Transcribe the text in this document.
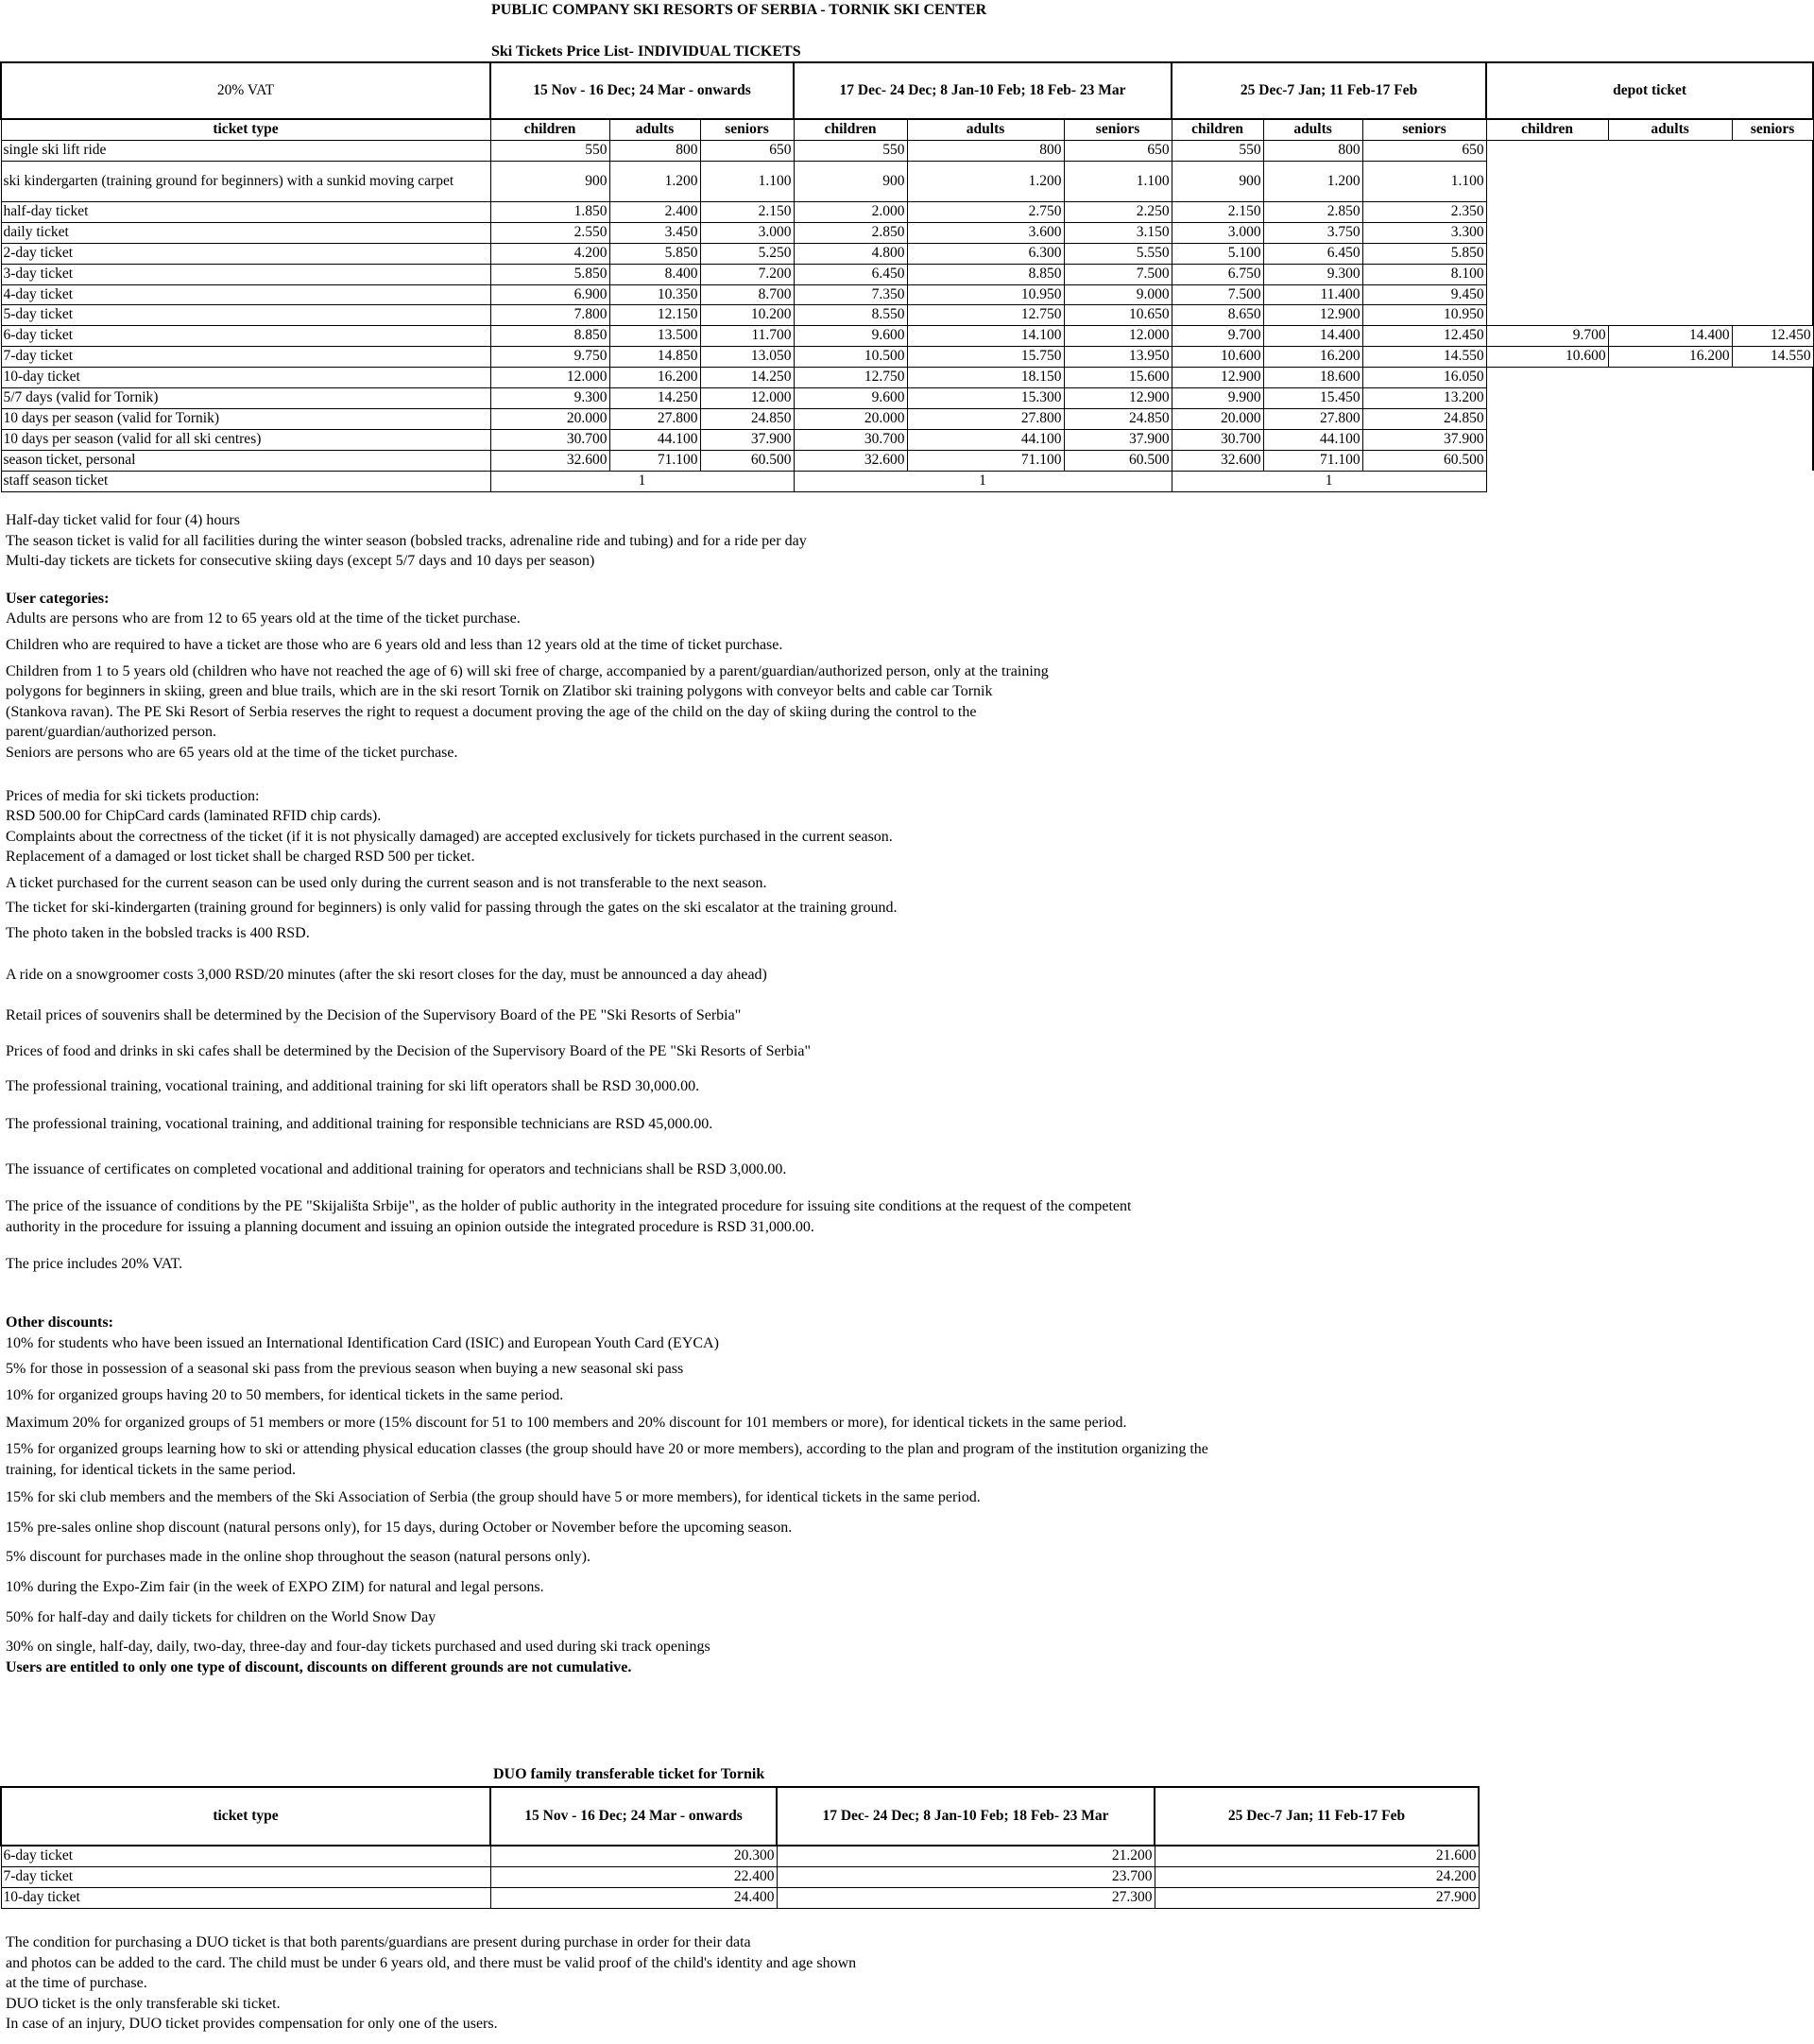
PUBLIC COMPANY SKI RESORTS OF SERBIA - TORNIK SKI CENTER
Ski Tickets Price List- INDIVIDUAL TICKETS
20% VAT	15 Nov - 16 Dec; 24 Mar - onwards			17 Dec- 24 Dec; 8 Jan-10 Feb; 18 Feb- 23 Mar			25 Dec-7 Jan; 11 Feb-17 Feb			depot ticket		
ticket type	children	adults	seniors	children	adults	seniors	children	adults	seniors	children	adults	seniors
single ski lift ride	550	800	650	550	800	650	550	800	650			
ski kindergarten (training ground for beginners) with a sunkid moving carpet	900	1.200	1.100	900	1.200	1.100	900	1.200	1.100			
half-day ticket	1.850	2.400	2.150	2.000	2.750	2.250	2.150	2.850	2.350			
daily ticket	2.550	3.450	3.000	2.850	3.600	3.150	3.000	3.750	3.300			
2-day ticket	4.200	5.850	5.250	4.800	6.300	5.550	5.100	6.450	5.850			
3-day ticket	5.850	8.400	7.200	6.450	8.850	7.500	6.750	9.300	8.100			
4-day ticket	6.900	10.350	8.700	7.350	10.950	9.000	7.500	11.400	9.450			
5-day ticket	7.800	12.150	10.200	8.550	12.750	10.650	8.650	12.900	10.950			
6-day ticket	8.850	13.500	11.700	9.600	14.100	12.000	9.700	14.400	12.450	9.700	14.400	12.450
7-day ticket	9.750	14.850	13.050	10.500	15.750	13.950	10.600	16.200	14.550	10.600	16.200	14.550
10-day ticket	12.000	16.200	14.250	12.750	18.150	15.600	12.900	18.600	16.050			
5/7 days (valid for Tornik)	9.300	14.250	12.000	9.600	15.300	12.900	9.900	15.450	13.200			
10 days per season (valid for Tornik)	20.000	27.800	24.850	20.000	27.800	24.850	20.000	27.800	24.850			
10 days per season (valid for all ski centres)	30.700	44.100	37.900	30.700	44.100	37.900	30.700	44.100	37.900			
season ticket, personal	32.600	71.100	60.500	32.600	71.100	60.500	32.600	71.100	60.500			
staff season ticket	1			1			1					

Half-day ticket valid for four (4) hours

The season ticket is valid for all facilities during the winter season (bobsled tracks, adrenaline ride and tubing) and for a ride per day

Multi-day tickets are tickets for consecutive skiing days (except 5/7 days and 10 days per season)

User categories:

Adults are persons who are from 12 to 65 years old at the time of the ticket purchase.

Children who are required to have a ticket are those who are 6 years old and less than 12 years old at the time of ticket purchase.

Children from 1 to 5 years old (children who have not reached the age of 6) will ski free of charge, accompanied by a parent/guardian/authorized person, only at the training

polygons for beginners in skiing, green and blue trails, which are in the ski resort Tornik on Zlatibor ski training polygons with conveyor belts and cable car Tornik

(Stankova ravan). The PE Ski Resort of Serbia reserves the right to request a document proving the age of the child on the day of skiing during the control to the

parent/guardian/authorized person.

Seniors are persons who are 65 years old at the time of the ticket purchase.

Prices of media for ski tickets production:

RSD 500.00 for ChipCard cards (laminated RFID chip cards).

Complaints about the correctness of the ticket (if it is not physically damaged) are accepted exclusively for tickets purchased in the current season.

Replacement of a damaged or lost ticket shall be charged RSD 500 per ticket.

A ticket purchased for the current season can be used only during the current season and is not transferable to the next season.

The ticket for ski-kindergarten (training ground for beginners) is only valid for passing through the gates on the ski escalator at the training ground.

The photo taken in the bobsled tracks is 400 RSD.

A ride on a snowgroomer costs 3,000 RSD/20 minutes (after the ski resort closes for the day, must be announced a day ahead)

Retail prices of souvenirs shall be determined by the Decision of the Supervisory Board of the PE "Ski Resorts of Serbia"

Prices of food and drinks in ski cafes shall be determined by the Decision of the Supervisory Board of the PE "Ski Resorts of Serbia"

The professional training, vocational training, and additional training for ski lift operators shall be RSD 30,000.00.

The professional training, vocational training, and additional training for responsible technicians are RSD 45,000.00.

The issuance of certificates on completed vocational and additional training for operators and technicians shall be RSD 3,000.00.

The price of the issuance of conditions by the PE "Skijališta Srbije", as the holder of public authority in the integrated procedure for issuing site conditions at the request of the competent

authority in the procedure for issuing a planning document and issuing an opinion outside the integrated procedure is RSD 31,000.00.

The price includes 20% VAT.

Other discounts:

10% for students who have been issued an International Identification Card (ISIC) and European Youth Card (EYCA)

5% for those in possession of a seasonal ski pass from the previous season when buying a new seasonal ski pass

10% for organized groups having 20 to 50 members, for identical tickets in the same period.

Maximum 20% for organized groups of 51 members or more (15% discount for 51 to 100 members and 20% discount for 101 members or more), for identical tickets in the same period.

15% for organized groups learning how to ski or attending physical education classes (the group should have 20 or more members), according to the plan and program of the institution organizing the

training, for identical tickets in the same period.

15% for ski club members and the members of the Ski Association of Serbia (the group should have 5 or more members), for identical tickets in the same period.

15% pre-sales online shop discount (natural persons only), for 15 days, during October or November before the upcoming season.

5% discount for purchases made in the online shop throughout the season (natural persons only).

10% during the Expo-Zim fair (in the week of EXPO ZIM) for natural and legal persons.

50% for half-day and daily tickets for children on the World Snow Day

30% on single, half-day, daily, two-day, three-day and four-day tickets purchased and used during ski track openings

Users are entitled to only one type of discount, discounts on different grounds are not cumulative.

DUO family transferable ticket for Tornik
ticket type	15 Nov - 16 Dec; 24 Mar - onwards	17 Dec- 24 Dec; 8 Jan-10 Feb; 18 Feb- 23 Mar	25 Dec-7 Jan; 11 Feb-17 Feb
6-day ticket	20.300	21.200	21.600
7-day ticket	22.400	23.700	24.200
10-day ticket	24.400	27.300	27.900

The condition for purchasing a DUO ticket is that both parents/guardians are present during purchase in order for their data

and photos can be added to the card. The child must be under 6 years old, and there must be valid proof of the child's identity and age shown

at the time of purchase.

DUO ticket is the only transferable ski ticket.

In case of an injury, DUO ticket provides compensation for only one of the users.
